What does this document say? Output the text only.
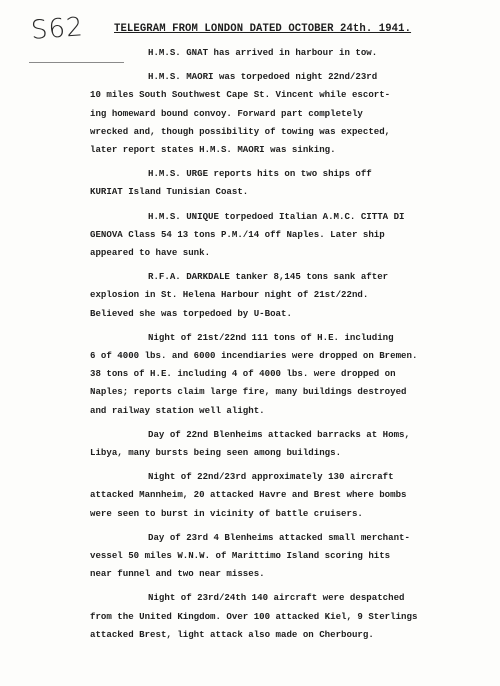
S62	TELEGRAM FROM LONDON DATED OCTOBER 24th. 1941.
H.M.S. GNAT has arrived in harbour in tow.
H.M.S. MAORI was torpedoed night 22nd/23rd
10 miles South Southwest Cape St. Vincent while escort-
ing homeward bound convoy. Forward part completely
wrecked and, though possibility of towing was expected,
later report states H.M.S. MAORI was sinking.
H.M.S. URGE reports hits on two ships off
KURIAT Island Tunisian Coast.
H.M.S. UNIQUE torpedoed Italian A.M.C. CITTA DI
GENOVA Class 54 13 tons P.M./14 off Naples. Later ship
appeared to have sunk.
R.F.A. DARKDALE tanker 8,145 tons sank after
explosion in St. Helena Harbour night of 21st/22nd.
Believed she was torpedoed by U-Boat.
Night of 21st/22nd 111 tons of H.E. including
6 of 4000 lbs. and 6000 incendiaries were dropped on Bremen.
38 tons of H.E. including 4 of 4000 lbs. were dropped on
Naples; reports claim large fire, many buildings destroyed
and railway station well alight.
Day of 22nd Blenheims attacked barracks at Homs,
Libya, many bursts being seen among buildings.
Night of 22nd/23rd approximately 130 aircraft
attacked Mannheim, 20 attacked Havre and Brest where bombs
were seen to burst in vicinity of battle cruisers.
Day of 23rd 4 Blenheims attacked small merchant-
vessel 50 miles W.N.W. of Marittimo Island scoring hits
near funnel and two near misses.
Night of 23rd/24th 140 aircraft were despatched
from the United Kingdom. Over 100 attacked Kiel, 9 Sterlings
attacked Brest, light attack also made on Cherbourg.
